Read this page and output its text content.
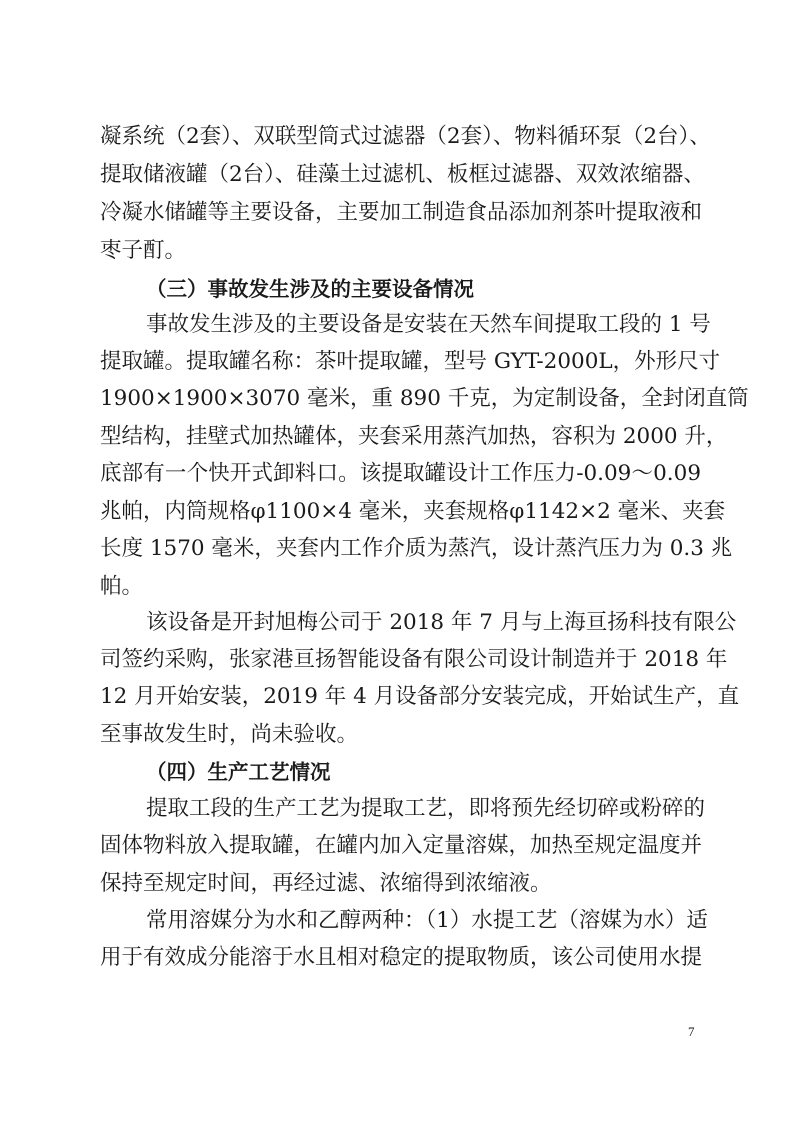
凝系统（2套）、双联型筒式过滤器（2套）、物料循环泵（2台）、
提取储液罐（2台）、硅藻土过滤机、板框过滤器、双效浓缩器、
冷凝水储罐等主要设备，主要加工制造食品添加剂茶叶提取液和
枣子酊。
（三）事故发生涉及的主要设备情况
事故发生涉及的主要设备是安装在天然车间提取工段的 1 号
提取罐。提取罐名称：茶叶提取罐，型号 GYT-2000L，外形尺寸
1900×1900×3070 毫米，重 890 千克，为定制设备，全封闭直筒
型结构，挂壁式加热罐体，夹套采用蒸汽加热，容积为 2000 升，
底部有一个快开式卸料口。该提取罐设计工作压力-0.09～0.09
兆帕，内筒规格φ1100×4 毫米，夹套规格φ1142×2 毫米、夹套
长度 1570 毫米，夹套内工作介质为蒸汽，设计蒸汽压力为 0.3 兆
帕。
该设备是开封旭梅公司于 2018 年 7 月与上海亘扬科技有限公
司签约采购，张家港亘扬智能设备有限公司设计制造并于 2018 年
12 月开始安装，2019 年 4 月设备部分安装完成，开始试生产，直
至事故发生时，尚未验收。
（四）生产工艺情况
提取工段的生产工艺为提取工艺，即将预先经切碎或粉碎的
固体物料放入提取罐，在罐内加入定量溶媒，加热至规定温度并
保持至规定时间，再经过滤、浓缩得到浓缩液。
常用溶媒分为水和乙醇两种：（1）水提工艺（溶媒为水）适
用于有效成分能溶于水且相对稳定的提取物质，该公司使用水提
7
